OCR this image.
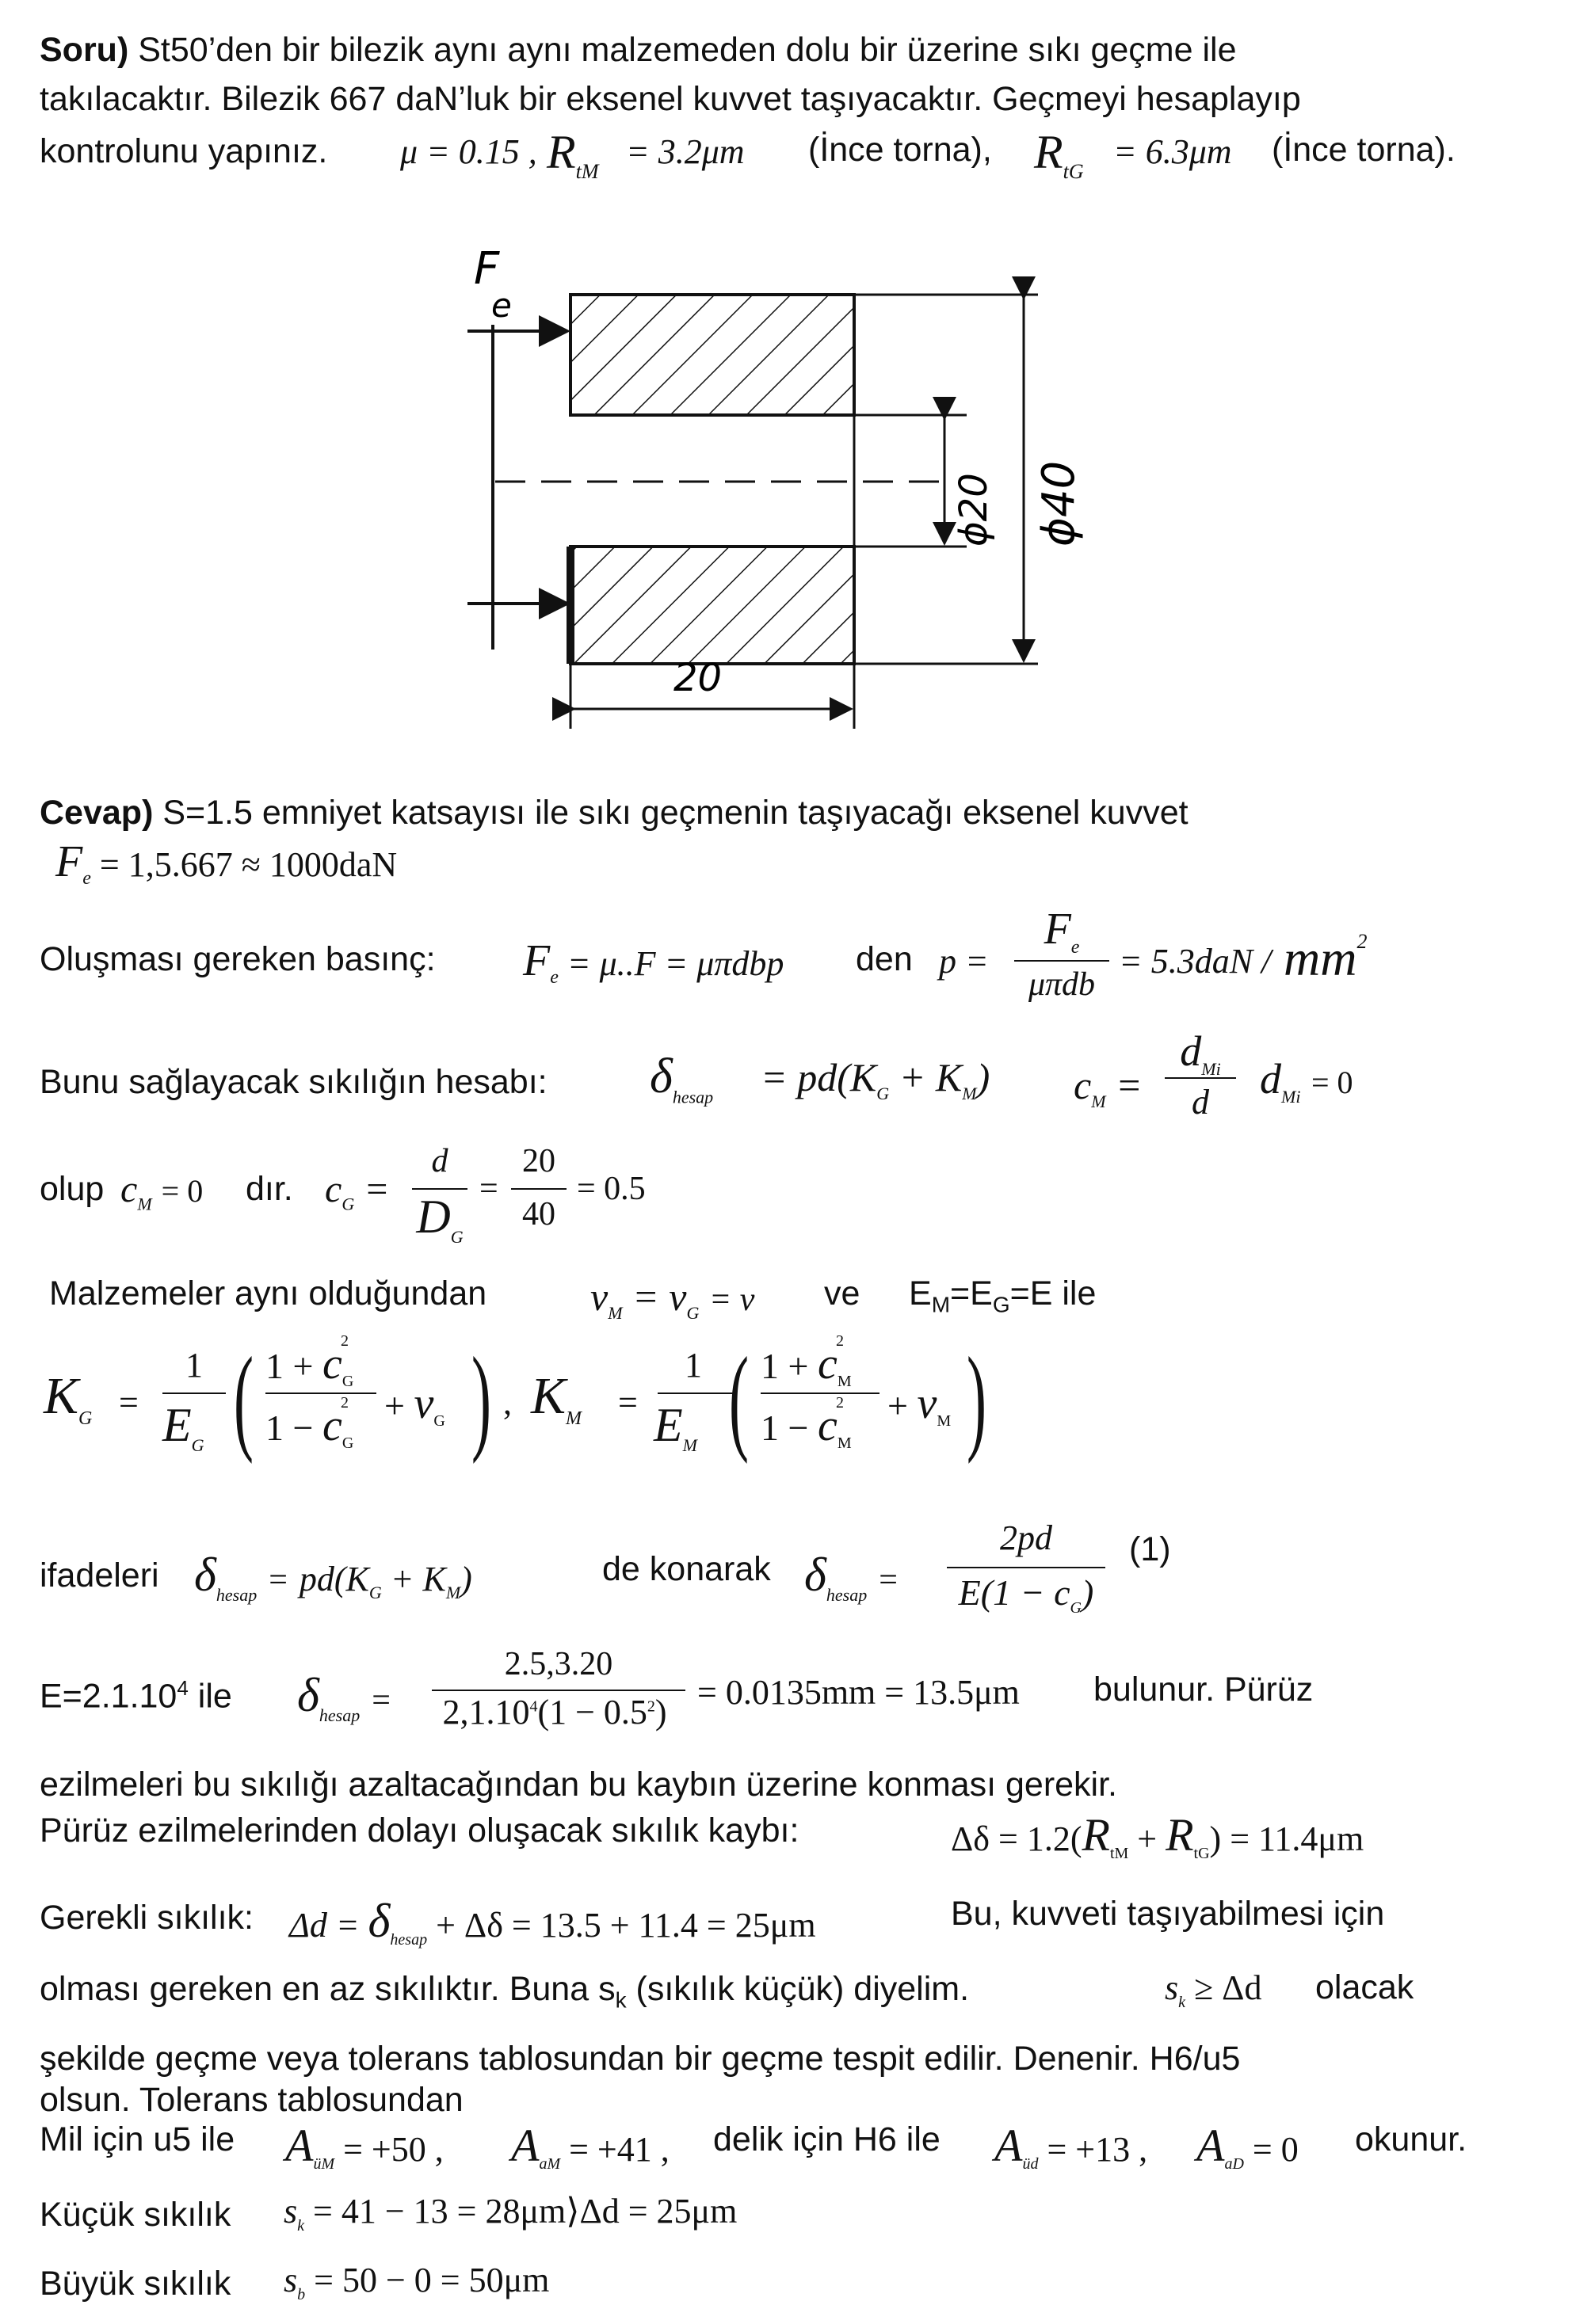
Soru) St50’den bir bilezik aynı aynı malzemeden dolu bir üzerine sıkı geçme ile
takılacaktır. Bilezik 667 daN’luk bir eksenel kuvvet taşıyacaktır. Geçmeyi hesaplayıp
kontrolunu yapınız. μ = 0.15 , $R_{tM}$
= 3.2μm (İnce torna), $R_{tG}$
= 6.3μm (İnce torna).
F
e
20
ϕ20 ϕ40
Cevap) S=1.5 emniyet katsayısı ile sıkı geçmenin taşıyacağı eksenel kuvvet
$F_e = 1,5.667 \approx 1000daN$
Oluşması gereken basınç: $F_e = \mu..F = \mu\pi dbp$ den p =
$F_e$
μπdb
= $5.3daN / mm^2$
Bunu sağlayacak sıkılığın hesabı: $\delta_{hesap} = pd(K_G + K_M) c_M$ =
$d_{Mi}$
d	$d_{Mi} = 0$
olup $c_M = 0$ dır. $c_G$ =
d
$D_G$
=
20
40
= 0.5
Malzemeler aynı olduğundan	$\nu_M = \nu_G = \nu$ ve $E_M=E_G=E$ ile
$K_G$ =
1
$E_G$ ( $1 + c_G$
2
$1 - c_G$
$2 + \nu_G$ ) , $K_M$ =
1
$E_M$ ( $1 + c_M$
2
$1 - c_M$
$2 + \nu_M$ )
ifadeleri $\delta_{hesap} = pd(K_G + K_M)$	de konarak $\delta_{hesap}$ =
2pd
$E(1 - c_G)$
(1)
$E=2.1.10^4$ ile $\delta_{hesap}$ =
2.5,3.20
$2,1.10^4(1 - 0.5^2)$
= 0.0135mm = 13.5μm bulunur. Pürüz
ezilmeleri bu sıkılığı azaltacağından bu kaybın üzerine konması gerekir.
Pürüz ezilmelerinden dolayı oluşacak sıkılık kaybı:	$\Delta\delta = 1.2(R_{tM} + R_{tG}) = 11.4\mu m$
Gerekli sıkılık: $\Delta d = \delta_{hesap} + \Delta\delta = 13.5 + 11.4 = 25\mu m$	Bu, kuvveti taşıyabilmesi için
olması gereken en az sıkılıktır. Buna $s_k$ (sıkılık küçük) diyelim.	$s_k \ge \Delta d$ olacak
şekilde geçme veya tolerans tablosundan bir geçme tespit edilir. Denenir. H6/u5
olsun. Tolerans tablosundan
Mil için u5 ile $A_{üM} = +50$ , $A_{aM} = +41$ , delik için H6 ile $A_{üd} = +13$ , $A_{aD} = 0$ okunur.
Küçük sıkılık $s_k = 41 - 13$ = 28μm⟩Δd = 25μm
Büyük sıkılık $s_b = 50 - 0 = 50\mu m$
